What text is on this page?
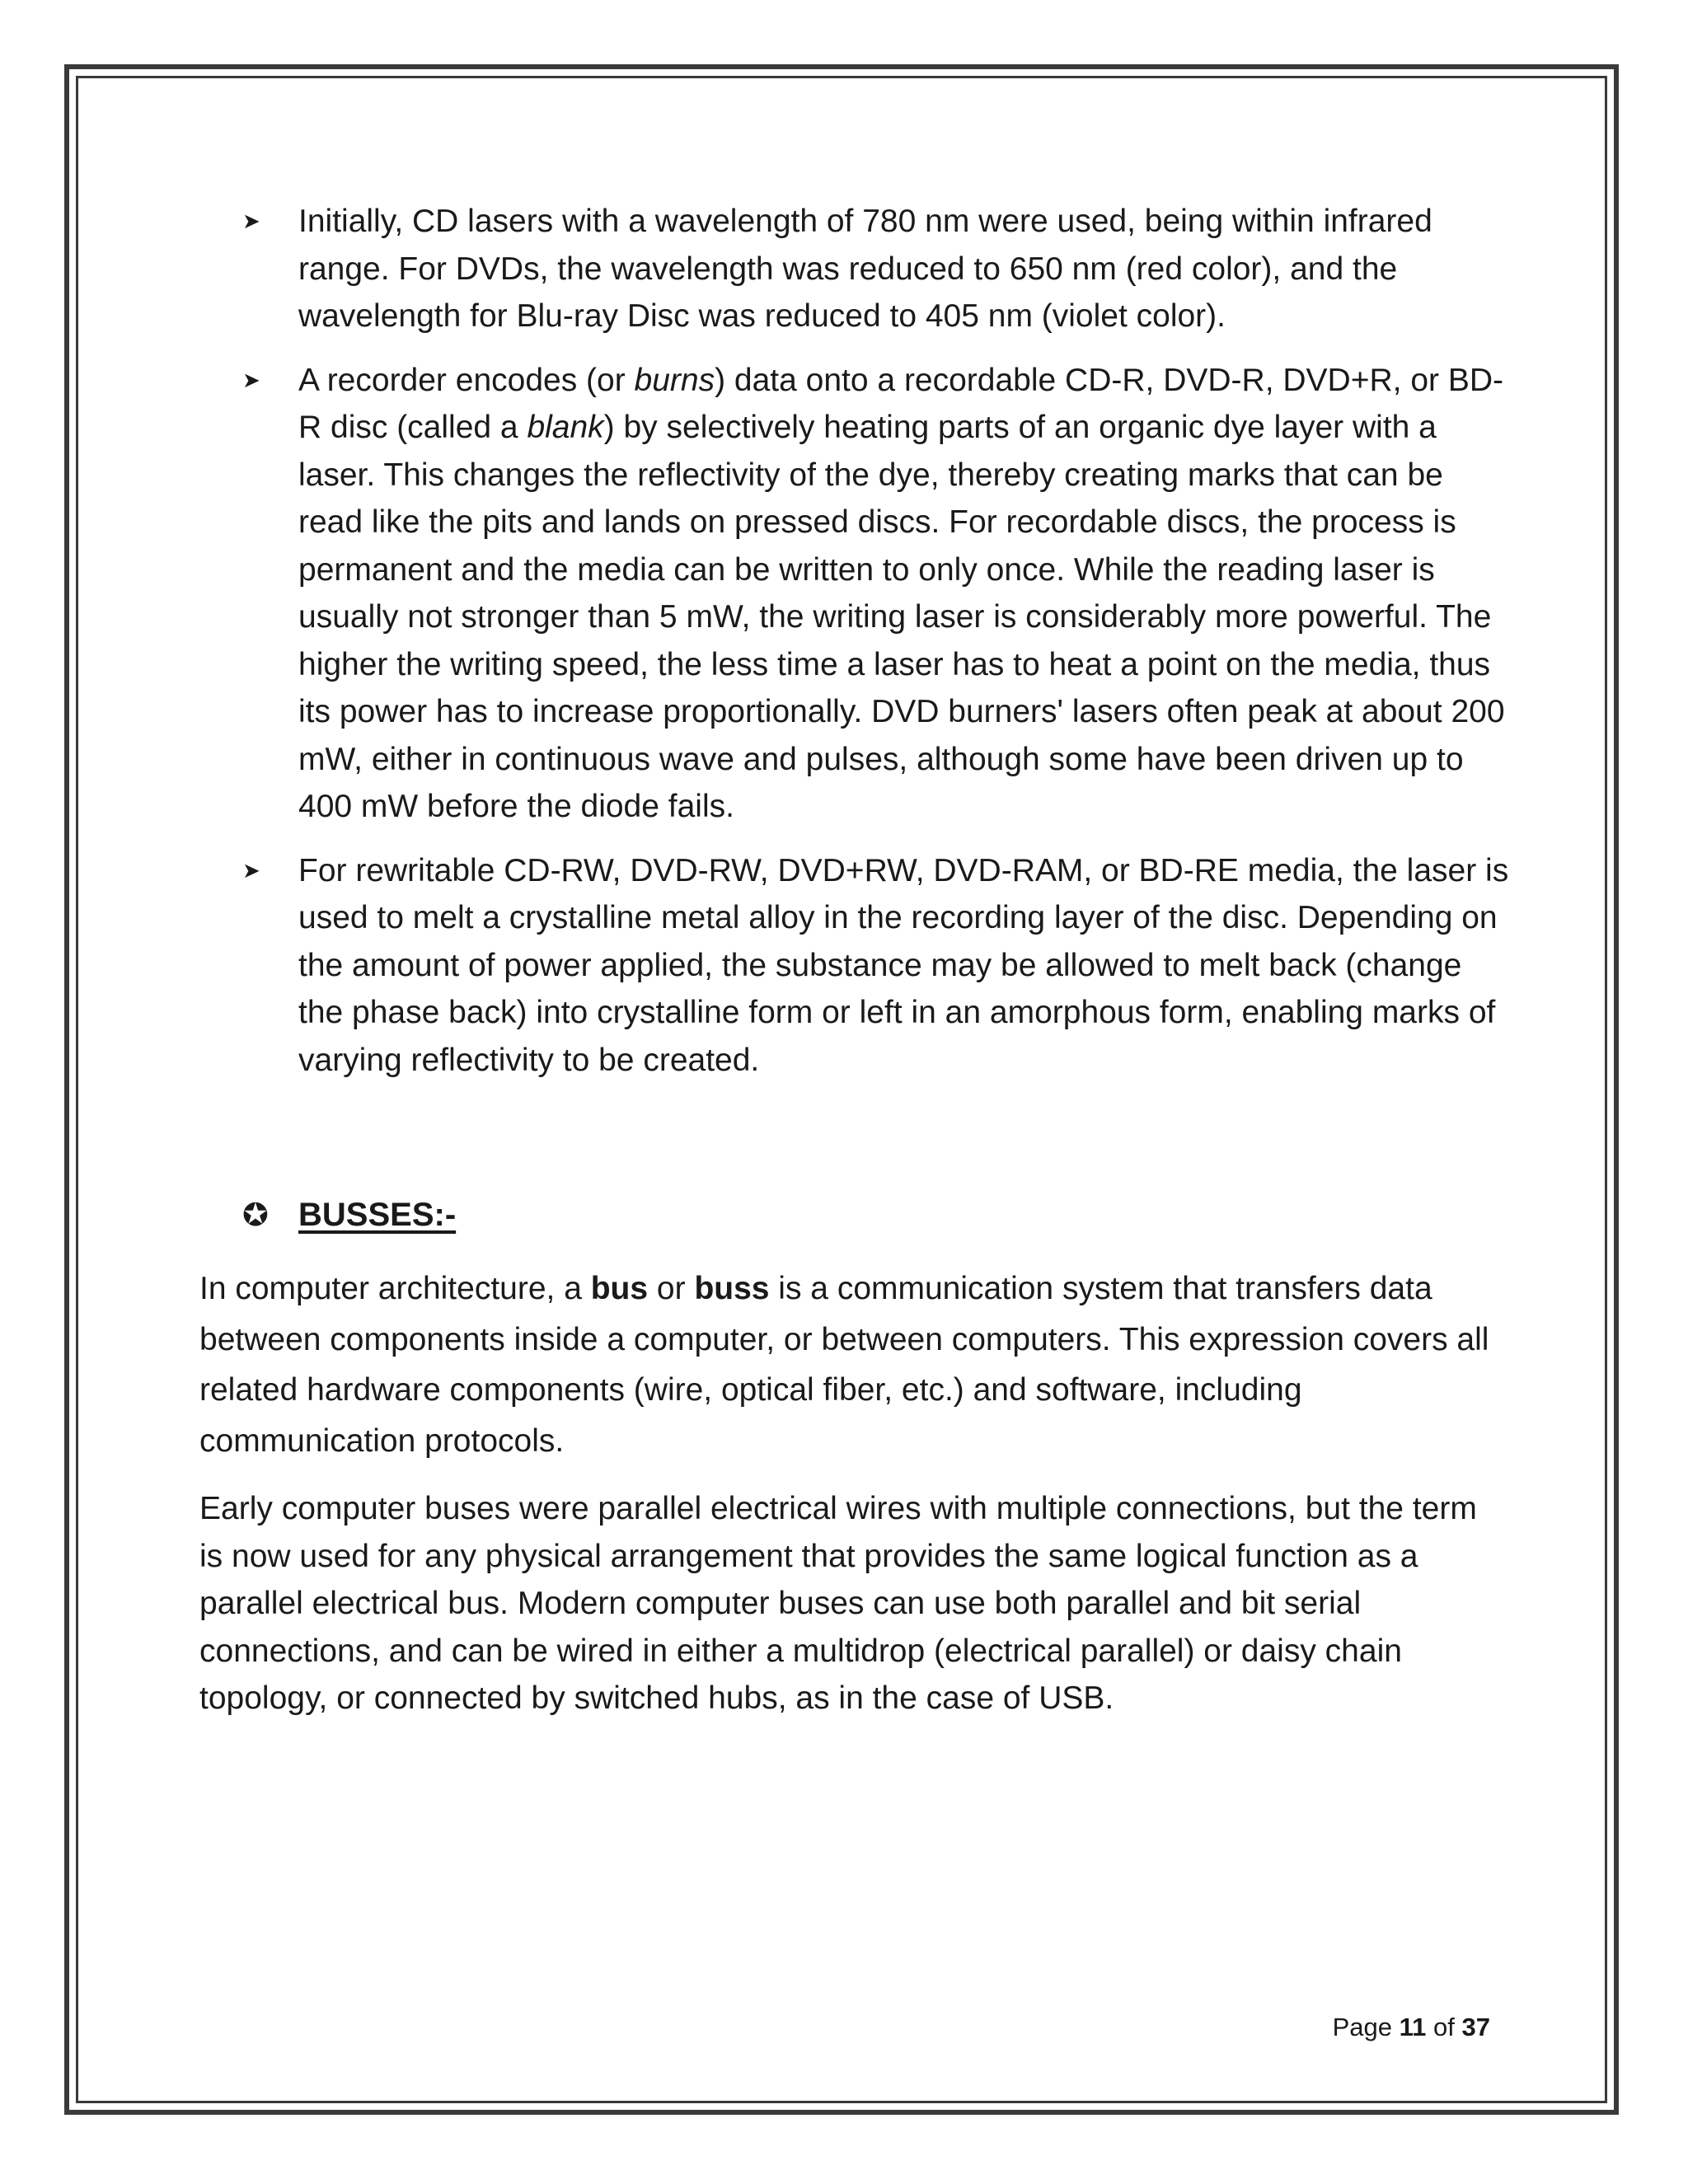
➤ Initially, CD lasers with a wavelength of 780 nm were used, being within infrared range. For DVDs, the wavelength was reduced to 650 nm (red color), and the wavelength for Blu-ray Disc was reduced to 405 nm (violet color).
➤ A recorder encodes (or burns) data onto a recordable CD-R, DVD-R, DVD+R, or BD-R disc (called a blank) by selectively heating parts of an organic dye layer with a laser. This changes the reflectivity of the dye, thereby creating marks that can be read like the pits and lands on pressed discs. For recordable discs, the process is permanent and the media can be written to only once. While the reading laser is usually not stronger than 5 mW, the writing laser is considerably more powerful. The higher the writing speed, the less time a laser has to heat a point on the media, thus its power has to increase proportionally. DVD burners' lasers often peak at about 200 mW, either in continuous wave and pulses, although some have been driven up to 400 mW before the diode fails.
➤ For rewritable CD-RW, DVD-RW, DVD+RW, DVD-RAM, or BD-RE media, the laser is used to melt a crystalline metal alloy in the recording layer of the disc. Depending on the amount of power applied, the substance may be allowed to melt back (change the phase back) into crystalline form or left in an amorphous form, enabling marks of varying reflectivity to be created.
✪ BUSSES:-

In computer architecture, a bus or buss is a communication system that transfers data between components inside a computer, or between computers. This expression covers all related hardware components (wire, optical fiber, etc.) and software, including communication protocols.

Early computer buses were parallel electrical wires with multiple connections, but the term is now used for any physical arrangement that provides the same logical function as a parallel electrical bus. Modern computer buses can use both parallel and bit serial connections, and can be wired in either a multidrop (electrical parallel) or daisy chain topology, or connected by switched hubs, as in the case of USB.

Page 11 of 37
